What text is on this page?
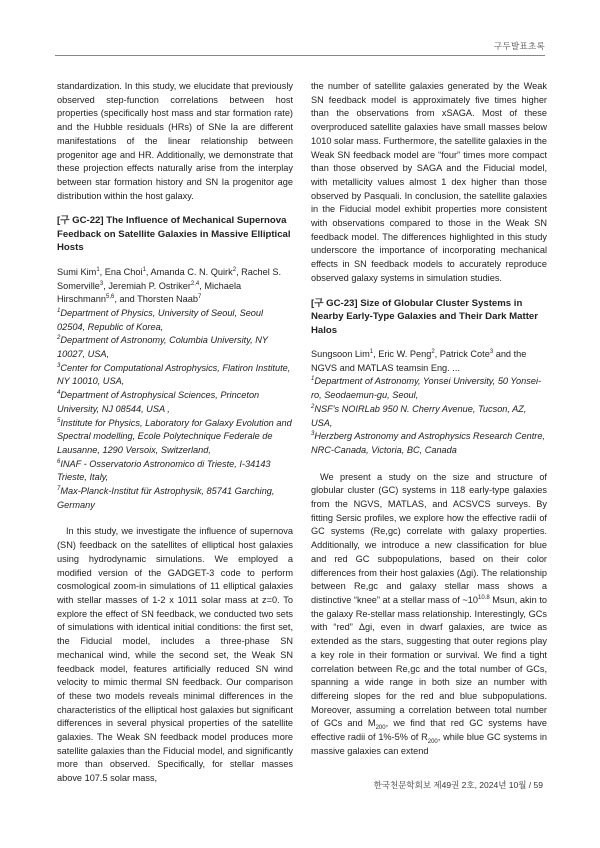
구두발표초록

standardization. In this study, we elucidate that previously observed step-function correlations between host properties (specifically host mass and star formation rate) and the Hubble residuals (HRs) of SNe Ia are different manifestations of the linear relationship between progenitor age and HR. Additionally, we demonstrate that these projection effects naturally arise from the interplay between star formation history and SN Ia progenitor age distribution within the host galaxy.

[구 GC-22] The Influence of Mechanical Supernova Feedback on Satellite Galaxies in Massive Elliptical Hosts

Sumi Kim$^1$, Ena Choi$^1$, Amanda C. N. Quirk$^2$, Rachel S. Somerville$^3$, Jeremiah P. Ostriker$^{2,4}$, Michaela Hirschmann$^{5,6}$, and Thorsten Naab$^7$

$^1$Department of Physics, University of Seoul, Seoul 02504, Republic of Korea,

$^2$Department of Astronomy, Columbia University, NY 10027, USA,

$^3$Center for Computational Astrophysics, Flatiron Institute, NY 10010, USA,

$^4$Department of Astrophysical Sciences, Princeton University, NJ 08544, USA ,

$^5$Institute for Physics, Laboratory for Galaxy Evolution and Spectral modelling, Ecole Polytechnique Federale de Lausanne, 1290 Versoix, Switzerland,

$^6$INAF - Osservatorio Astronomico di Trieste, I-34143 Trieste, Italy,

$^7$Max-Planck-Institut für Astrophysik, 85741 Garching, Germany

In this study, we investigate the influence of supernova (SN) feedback on the satellites of elliptical host galaxies using hydrodynamic simulations. We employed a modified version of the GADGET-3 code to perform cosmological zoom-in simulations of 11 elliptical galaxies with stellar masses of 1-2 x 1011 solar mass at z=0. To explore the effect of SN feedback, we conducted two sets of simulations with identical initial conditions: the first set, the Fiducial model, includes a three-phase SN mechanical wind, while the second set, the Weak SN feedback model, features artificially reduced SN wind velocity to mimic thermal SN feedback. Our comparison of these two models reveals minimal differences in the characteristics of the elliptical host galaxies but significant differences in several physical properties of the satellite galaxies. The Weak SN feedback model produces more satellite galaxies than the Fiducial model, and significantly more than observed. Specifically, for stellar masses above 107.5 solar mass,

the number of satellite galaxies generated by the Weak SN feedback model is approximately five times higher than the observations from xSAGA. Most of these overproduced satellite galaxies have small masses below 1010 solar mass. Furthermore, the satellite galaxies in the Weak SN feedback model are “four” times more compact than those observed by SAGA and the Fiducial model, with metallicity values almost 1 dex higher than those observed by Pasquali. In conclusion, the satellite galaxies in the Fiducial model exhibit properties more consistent with observations compared to those in the Weak SN feedback model. The differences highlighted in this study underscore the importance of incorporating mechanical effects in SN feedback models to accurately reproduce observed galaxy systems in simulation studies.

[구 GC-23] Size of Globular Cluster Systems in Nearby Early-Type Galaxies and Their Dark Matter Halos

Sungsoon Lim$^1$, Eric W. Peng$^2$, Patrick Cote$^3$ and the NGVS and MATLAS teamsin Eng. ...

$^1$Department of Astronomy, Yonsei University, 50 Yonsei-ro, Seodaemun-gu, Seoul,

$^2$NSF's NOIRLab 950 N. Cherry Avenue, Tucson, AZ, USA,

$^3$Herzberg Astronomy and Astrophysics Research Centre, NRC-Canada, Victoria, BC, Canada

We present a study on the size and structure of globular cluster (GC) systems in 118 early-type galaxies from the NGVS, MATLAS, and ACSVCS surveys. By fitting Sersic profiles, we explore how the effective radii of GC systems (Re,gc) correlate with galaxy properties. Additionally, we introduce a new classification for blue and red GC subpopulations, based on their color differences from their host galaxies (Δgi). The relationship between Re,gc and galaxy stellar mass shows a distinctive “knee” at a stellar mass of $\sim 10^{10.8}$ Msun, akin to the galaxy Re-stellar mass relationship. Interestingly, GCs with “red” Δgi, even in dwarf galaxies, are twice as extended as the stars, suggesting that outer regions play a key role in their formation or survival. We find a tight correlation between Re,gc and the total number of GCs, spanning a wide range in both size an number with differeing slopes for the red and blue subpopulations. Moreover, assuming a correlation between total number of GCs and $M_{200}$, we find that red GC systems have effective radii of 1%-5% of $R_{200}$, while blue GC systems in massive galaxies can extend

한국천문학회보 제49권 2호, 2024년 10월 / 59
